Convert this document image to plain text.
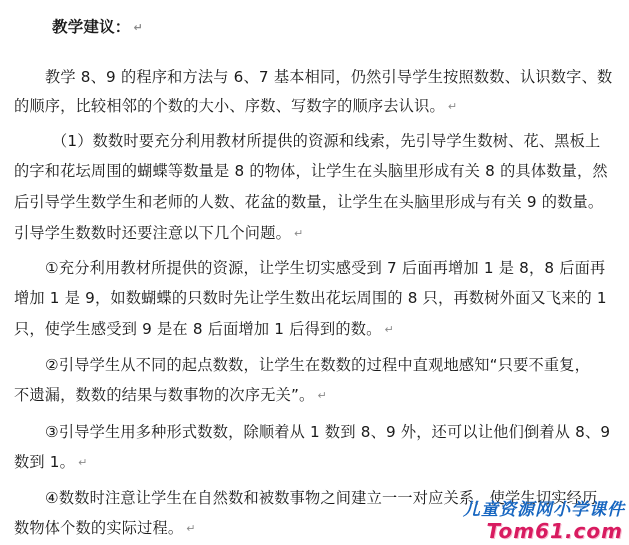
教学建议： ↵
教学 8、9 的程序和方法与 6、7 基本相同，仍然引导学生按照数数、认识数字、数
的顺序，比较相邻的个数的大小、序数、写数字的顺序去认识。 ↵
（1）数数时要充分利用教材所提供的资源和线索，先引导学生数树、花、黑板上
的字和花坛周围的蝴蝶等数量是 8 的物体，让学生在头脑里形成有关 8 的具体数量，然
后引导学生数学生和老师的人数、花盆的数量，让学生在头脑里形成与有关 9 的数量。
引导学生数数时还要注意以下几个问题。 ↵
①充分利用教材所提供的资源，让学生切实感受到 7 后面再增加 1 是 8，8 后面再
增加 1 是 9，如数蝴蝶的只数时先让学生数出花坛周围的 8 只，再数树外面又飞来的 1
只，使学生感受到 9 是在 8 后面增加 1 后得到的数。 ↵
②引导学生从不同的起点数数，让学生在数数的过程中直观地感知“只要不重复，
不遗漏，数数的结果与数事物的次序无关”。 ↵
③引导学生用多种形式数数，除顺着从 1 数到 8、9 外，还可以让他们倒着从 8、9
数到 1。 ↵
④数数时注意让学生在自然数和被数事物之间建立一一对应关系，使学生切实经历
数物体个数的实际过程。 ↵
儿童资源网小学课件
Tom61.com
